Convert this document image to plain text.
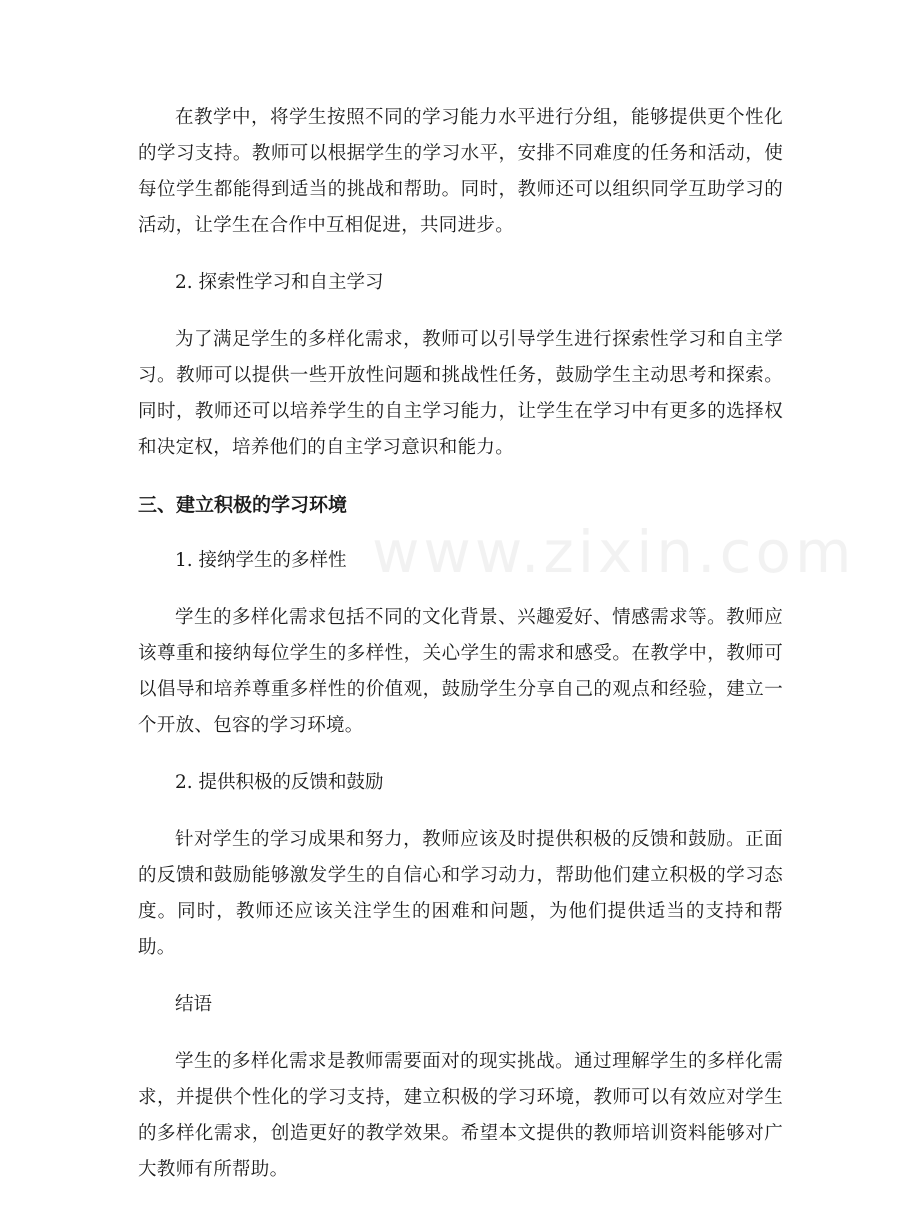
www.zixin.com

在教学中，将学生按照不同的学习能力水平进行分组，能够提供更个性化的学习支持。教师可以根据学生的学习水平，安排不同难度的任务和活动，使每位学生都能得到适当的挑战和帮助。同时，教师还可以组织同学互助学习的活动，让学生在合作中互相促进，共同进步。

2. 探索性学习和自主学习

为了满足学生的多样化需求，教师可以引导学生进行探索性学习和自主学习。教师可以提供一些开放性问题和挑战性任务，鼓励学生主动思考和探索。同时，教师还可以培养学生的自主学习能力，让学生在学习中有更多的选择权和决定权，培养他们的自主学习意识和能力。

三、建立积极的学习环境

1. 接纳学生的多样性

学生的多样化需求包括不同的文化背景、兴趣爱好、情感需求等。教师应该尊重和接纳每位学生的多样性，关心学生的需求和感受。在教学中，教师可以倡导和培养尊重多样性的价值观，鼓励学生分享自己的观点和经验，建立一个开放、包容的学习环境。

2. 提供积极的反馈和鼓励

针对学生的学习成果和努力，教师应该及时提供积极的反馈和鼓励。正面的反馈和鼓励能够激发学生的自信心和学习动力，帮助他们建立积极的学习态度。同时，教师还应该关注学生的困难和问题，为他们提供适当的支持和帮助。

结语

学生的多样化需求是教师需要面对的现实挑战。通过理解学生的多样化需求，并提供个性化的学习支持，建立积极的学习环境，教师可以有效应对学生的多样化需求，创造更好的教学效果。希望本文提供的教师培训资料能够对广大教师有所帮助。
